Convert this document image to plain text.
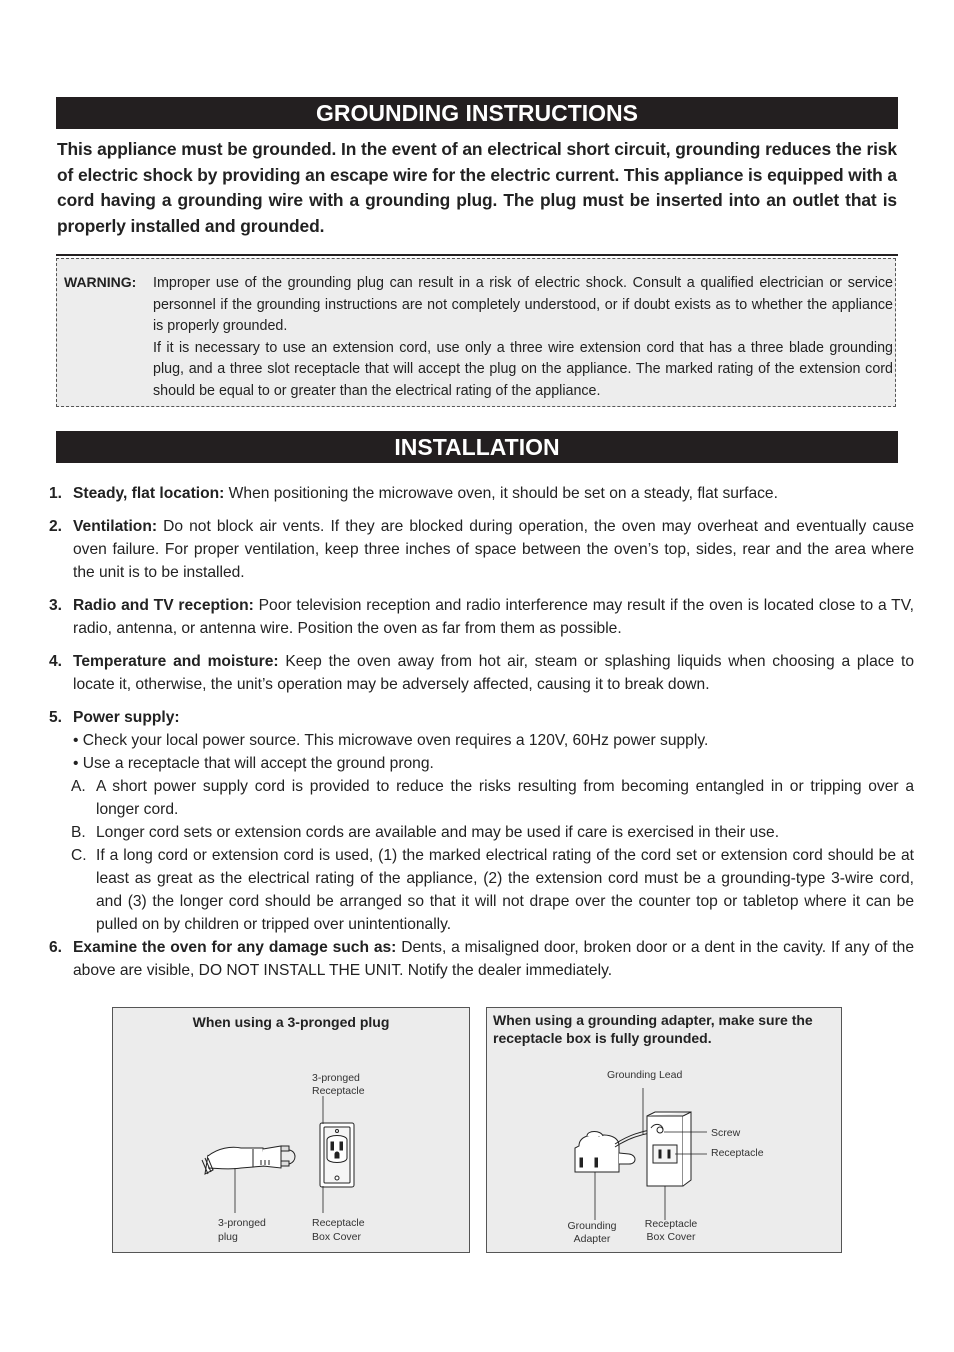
GROUNDING INSTRUCTIONS

This appliance must be grounded. In the event of an electrical short circuit, grounding reduces the risk of electric shock by providing an escape wire for the electric current. This appliance is equipped with a cord having a grounding wire with a grounding plug. The plug must be inserted into an outlet that is properly installed and grounded.

WARNING: Improper use of the grounding plug can result in a risk of electric shock. Consult a qualified electrician or service personnel if the grounding instructions are not completely understood, or if doubt exists as to whether the appliance is properly grounded.

If it is necessary to use an extension cord, use only a three wire extension cord that has a three blade grounding plug, and a three slot receptacle that will accept the plug on the appliance. The marked rating of the extension cord should be equal to or greater than the electrical rating of the appliance.

INSTALLATION
1. Steady, flat location: When positioning the microwave oven, it should be set on a steady, flat surface.
2. Ventilation: Do not block air vents. If they are blocked during operation, the oven may overheat and eventually cause oven failure. For proper ventilation, keep three inches of space between the oven’s top, sides, rear and the area where the unit is to be installed.
3. Radio and TV reception: Poor television reception and radio interference may result if the oven is located close to a TV, radio, antenna, or antenna wire. Position the oven as far from them as possible.
4. Temperature and moisture: Keep the oven away from hot air, steam or splashing liquids when choosing a place to locate it, otherwise, the unit’s operation may be adversely affected, causing it to break down.
5. Power supply:
• Check your local power source. This microwave oven requires a 120V, 60Hz power supply.
• Use a receptacle that will accept the ground prong.
A. A short power supply cord is provided to reduce the risks resulting from becoming entangled in or tripping over a longer cord.
B. Longer cord sets or extension cords are available and may be used if care is exercised in their use.
C. If a long cord or extension cord is used, (1) the marked electrical rating of the cord set or extension cord should be at least as great as the electrical rating of the appliance, (2) the extension cord must be a grounding-type 3-wire cord, and (3) the longer cord should be arranged so that it will not drape over the counter top or tabletop where it can be pulled on by children or tripped over unintentionally.
6. Examine the oven for any damage such as: Dents, a misaligned door, broken door or a dent in the cavity. If any of the above are visible, DO NOT INSTALL THE UNIT. Notify the dealer immediately.
When using a 3-pronged plug
3-pronged
Receptacle
3-pronged
plug
Receptacle
Box Cover
When using a grounding adapter, make sure the receptacle box is fully grounded.
Grounding Lead
Screw
Receptacle
Grounding
Adapter
Receptacle
Box Cover
